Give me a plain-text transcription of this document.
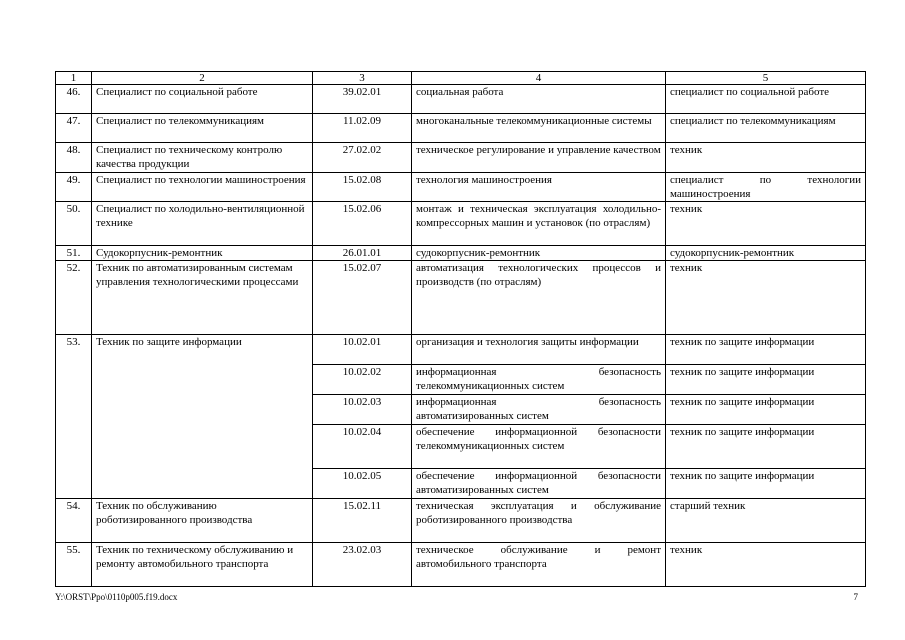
1	2	3	4	5
46.	Специалист по социальной работе	39.02.01	социальная работа	специалист по социальной работе
47.	Специалист по телекоммуникациям	11.02.09	многоканальные телекоммуникационные системы	специалист по телекоммуникациям
48.	Специалист по техническому контролю качества продукции	27.02.02	техническое регулирование и управление качеством	техник
49.	Специалист по технологии машиностроения	15.02.08	технология машиностроения	специалист по технологии машиностроения
50.	Специалист по холодильно-вентиляционной технике	15.02.06	монтаж и техническая эксплуатация холодильно-компрессорных машин и установок (по отраслям)	техник
51.	Судокорпусник-ремонтник	26.01.01	судокорпусник-ремонтник	судокорпусник-ремонтник
52.	Техник по автоматизированным системам управления технологическими процессами	15.02.07	автоматизация технологических процессов и производств (по отраслям)	техник
53.	Техник по защите информации	10.02.01	организация и технология защиты информации	техник по защите информации
		10.02.02	информационная безопасность телекоммуникационных систем	техник по защите информации
		10.02.03	информационная безопасность автоматизированных систем	техник по защите информации
		10.02.04	обеспечение информационной безопасности телекоммуникационных систем	техник по защите информации
		10.02.05	обеспечение информационной безопасности автоматизированных систем	техник по защите информации
54.	Техник по обслуживанию роботизированного производства	15.02.11	техническая эксплуатация и обслуживание роботизированного производства	старший техник
55.	Техник по техническому обслуживанию и ремонту автомобильного транспорта	23.02.03	техническое обслуживание и ремонт автомобильного транспорта	техник
Y:\ORST\Ppo\0110p005.f19.docx	7
